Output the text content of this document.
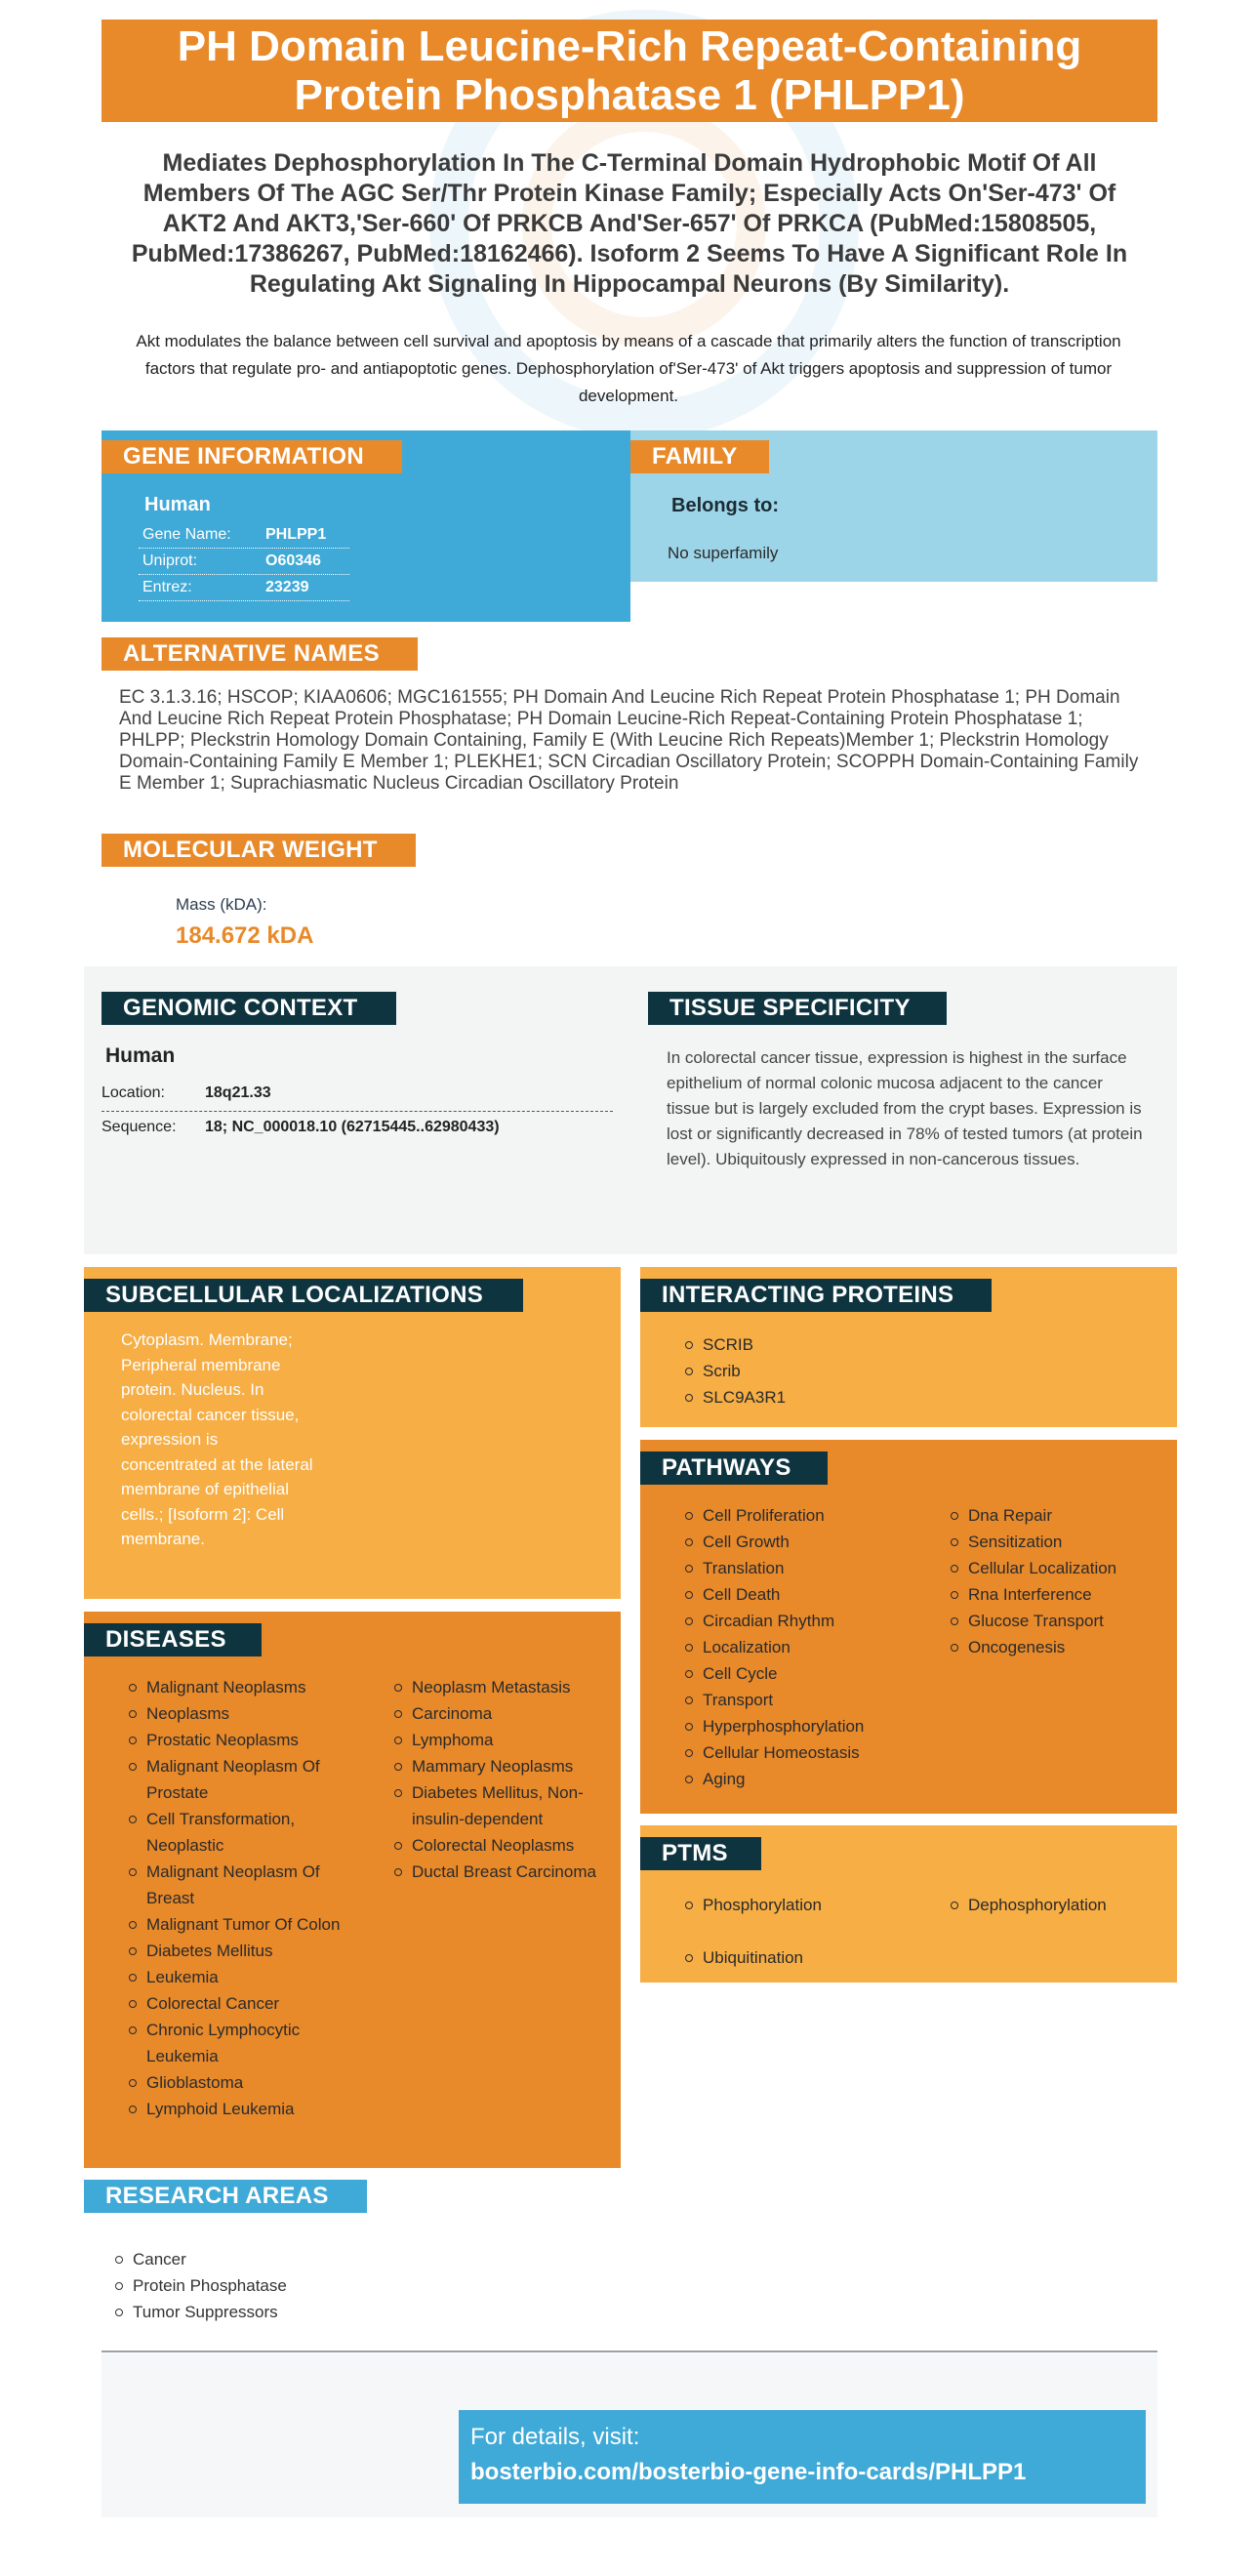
PH Domain Leucine-Rich Repeat-Containing Protein Phosphatase 1 (PHLPP1)
Mediates Dephosphorylation In The C-Terminal Domain Hydrophobic Motif Of All Members Of The AGC Ser/Thr Protein Kinase Family; Especially Acts On'Ser-473' Of AKT2 And AKT3,'Ser-660' Of PRKCB And'Ser-657' Of PRKCA (PubMed:15808505, PubMed:17386267, PubMed:18162466). Isoform 2 Seems To Have A Significant Role In Regulating Akt Signaling In Hippocampal Neurons (By Similarity).
Akt modulates the balance between cell survival and apoptosis by means of a cascade that primarily alters the function of transcription factors that regulate pro- and antiapoptotic genes. Dephosphorylation of'Ser-473' of Akt triggers apoptosis and suppression of tumor development.
GENE INFORMATION
Human
Gene Name: PHLPP1
Uniprot:	O60346
Entrez:	23239
FAMILY
Belongs to:
No superfamily
ALTERNATIVE NAMES
EC 3.1.3.16; HSCOP; KIAA0606; MGC161555; PH Domain And Leucine Rich Repeat Protein Phosphatase 1; PH Domain And Leucine Rich Repeat Protein Phosphatase; PH Domain Leucine-Rich Repeat-Containing Protein Phosphatase 1; PHLPP; Pleckstrin Homology Domain Containing, Family E (With Leucine Rich Repeats)Member 1; Pleckstrin Homology Domain-Containing Family E Member 1; PLEKHE1; SCN Circadian Oscillatory Protein; SCOPPH Domain-Containing Family E Member 1; Suprachiasmatic Nucleus Circadian Oscillatory Protein
MOLECULAR WEIGHT
Mass (kDA):
184.672 kDA
GENOMIC CONTEXT
Human
Location:	18q21.33
Sequence: 18; NC_000018.10 (62715445..62980433)
TISSUE SPECIFICITY
In colorectal cancer tissue, expression is highest in the surface epithelium of normal colonic mucosa adjacent to the cancer tissue but is largely excluded from the crypt bases. Expression is lost or significantly decreased in 78% of tested tumors (at protein level). Ubiquitously expressed in non-cancerous tissues.
SUBCELLULAR LOCALIZATIONS
Cytoplasm. Membrane; Peripheral membrane protein. Nucleus. In colorectal cancer tissue, expression is concentrated at the lateral membrane of epithelial cells.; [Isoform 2]: Cell membrane.
INTERACTING PROTEINS
SCRIB
Scrib
SLC9A3R1
PATHWAYS
Cell Proliferation
Cell Growth
Translation
Cell Death
Circadian Rhythm
Localization
Cell Cycle
Transport
Hyperphosphorylation
Cellular Homeostasis
Aging
Dna Repair
Sensitization
Cellular Localization
Rna Interference
Glucose Transport
Oncogenesis
PTMS
Phosphorylation
Ubiquitination
Dephosphorylation
DISEASES
Malignant Neoplasms
Neoplasms
Prostatic Neoplasms
Malignant Neoplasm Of Prostate
Cell Transformation, Neoplastic
Malignant Neoplasm Of Breast
Malignant Tumor Of Colon
Diabetes Mellitus
Leukemia
Colorectal Cancer
Chronic Lymphocytic Leukemia
Glioblastoma
Lymphoid Leukemia
Neoplasm Metastasis
Carcinoma
Lymphoma
Mammary Neoplasms
Diabetes Mellitus, Non-insulin-dependent
Colorectal Neoplasms
Ductal Breast Carcinoma
RESEARCH AREAS
Cancer
Protein Phosphatase
Tumor Suppressors
For details, visit:
bosterbio.com/bosterbio-gene-info-cards/PHLPP1
